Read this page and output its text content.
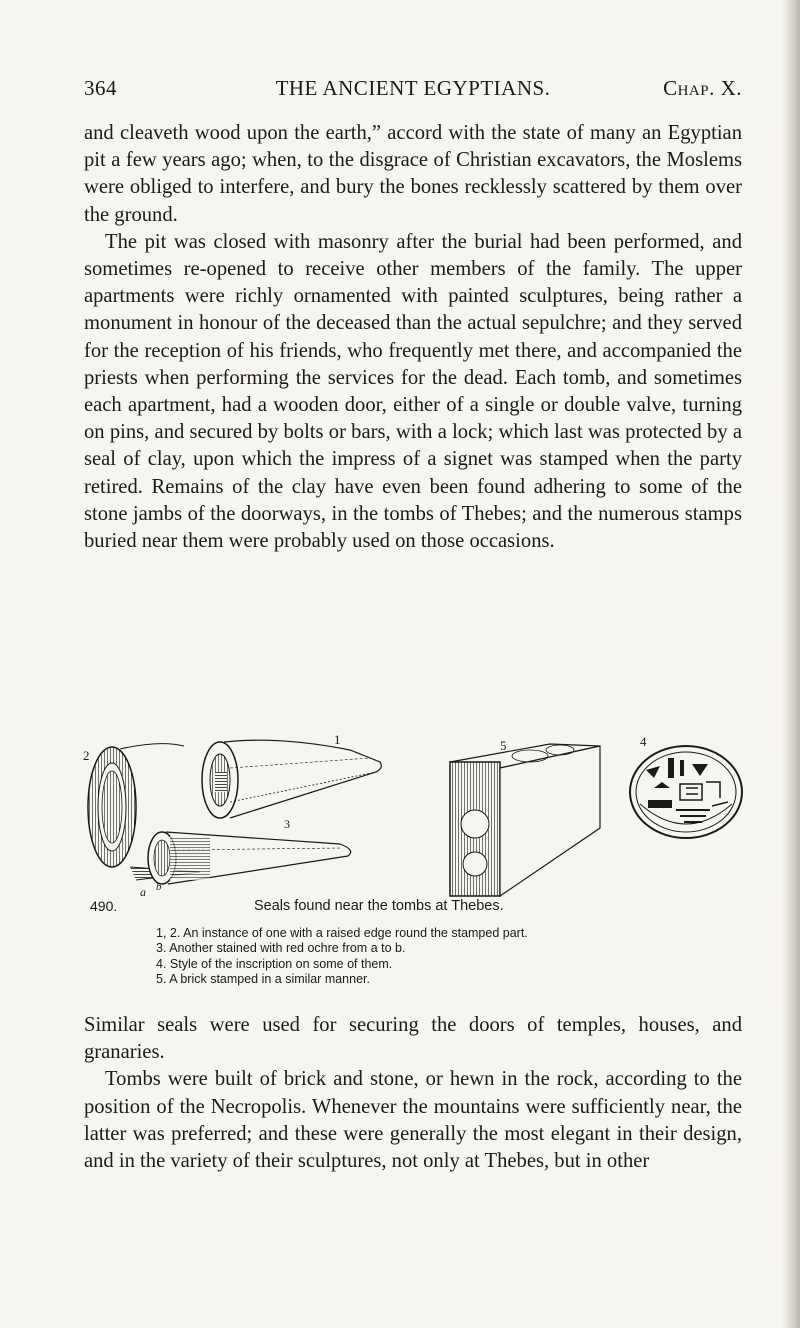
364	THE ANCIENT EGYPTIANS.	Chap. X.

and cleaveth wood upon the earth,” accord with the state of many an Egyptian pit a few years ago; when, to the disgrace of Christian excavators, the Moslems were obliged to interfere, and bury the bones recklessly scattered by them over the ground.

The pit was closed with masonry after the burial had been performed, and sometimes re-opened to receive other members of the family. The upper apartments were richly ornamented with painted sculptures, being rather a monument in honour of the deceased than the actual sepulchre; and they served for the reception of his friends, who frequently met there, and accompanied the priests when performing the services for the dead. Each tomb, and sometimes each apartment, had a wooden door, either of a single or double valve, turning on pins, and secured by bolts or bars, with a lock; which last was protected by a seal of clay, upon which the impress of a signet was stamped when the party retired. Remains of the clay have even been found adhering to some of the stone jambs of the doorways, in the tombs of Thebes; and the numerous stamps buried near them were probably used on those occasions.

2
1
3
5	4
a b
490.	Seals found near the tombs at Thebes.
1, 2. An instance of one with a raised edge round the stamped part.
3. Another stained with red ochre from a to b.
4. Style of the inscription on some of them.
5. A brick stamped in a similar manner.

Similar seals were used for securing the doors of temples, houses, and granaries.

Tombs were built of brick and stone, or hewn in the rock, according to the position of the Necropolis. Whenever the mountains were sufficiently near, the latter was preferred; and these were generally the most elegant in their design, and in the variety of their sculptures, not only at Thebes, but in other
